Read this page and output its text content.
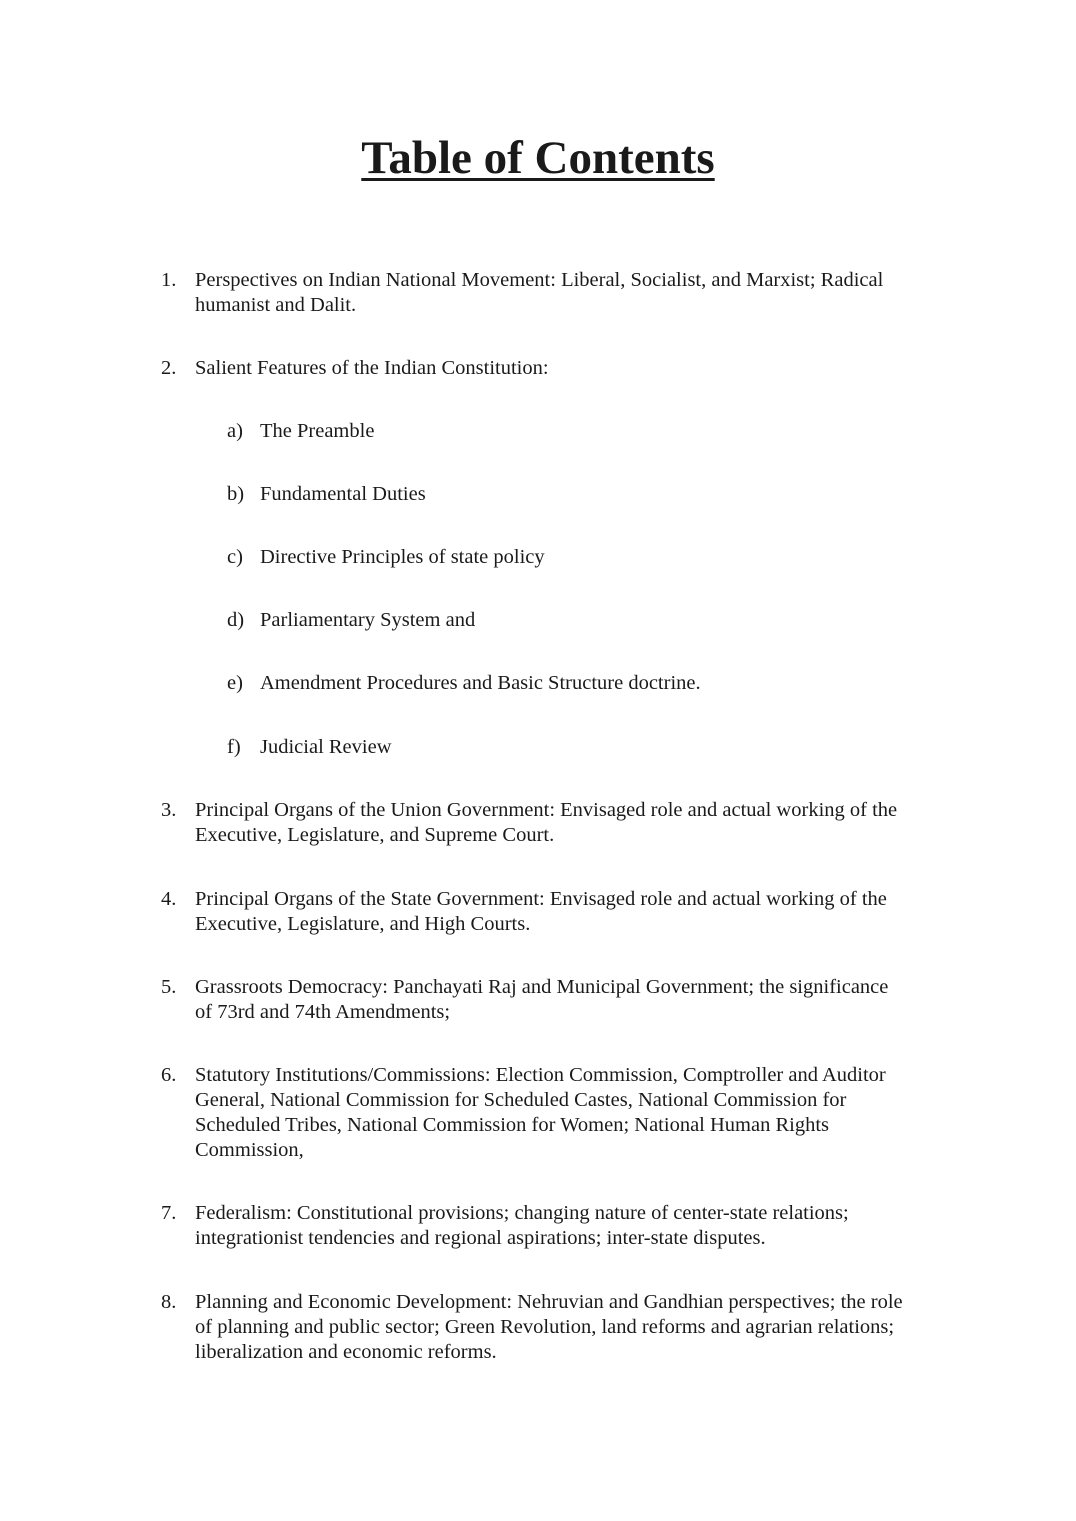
Table of Contents
1. Perspectives on Indian National Movement: Liberal, Socialist, and Marxist; Radical
humanist and Dalit.
2. Salient Features of the Indian Constitution:
a) The Preamble
b) Fundamental Duties
c) Directive Principles of state policy
d) Parliamentary System and
e) Amendment Procedures and Basic Structure doctrine.
f) Judicial Review
3. Principal Organs of the Union Government: Envisaged role and actual working of the
Executive, Legislature, and Supreme Court.
4. Principal Organs of the State Government: Envisaged role and actual working of the
Executive, Legislature, and High Courts.
5. Grassroots Democracy: Panchayati Raj and Municipal Government; the significance
of 73rd and 74th Amendments;
6. Statutory Institutions/Commissions: Election Commission, Comptroller and Auditor
General, National Commission for Scheduled Castes, National Commission for
Scheduled Tribes, National Commission for Women; National Human Rights
Commission,
7. Federalism: Constitutional provisions; changing nature of center-state relations;
integrationist tendencies and regional aspirations; inter-state disputes.
8. Planning and Economic Development: Nehruvian and Gandhian perspectives; the role
of planning and public sector; Green Revolution, land reforms and agrarian relations;
liberalization and economic reforms.
